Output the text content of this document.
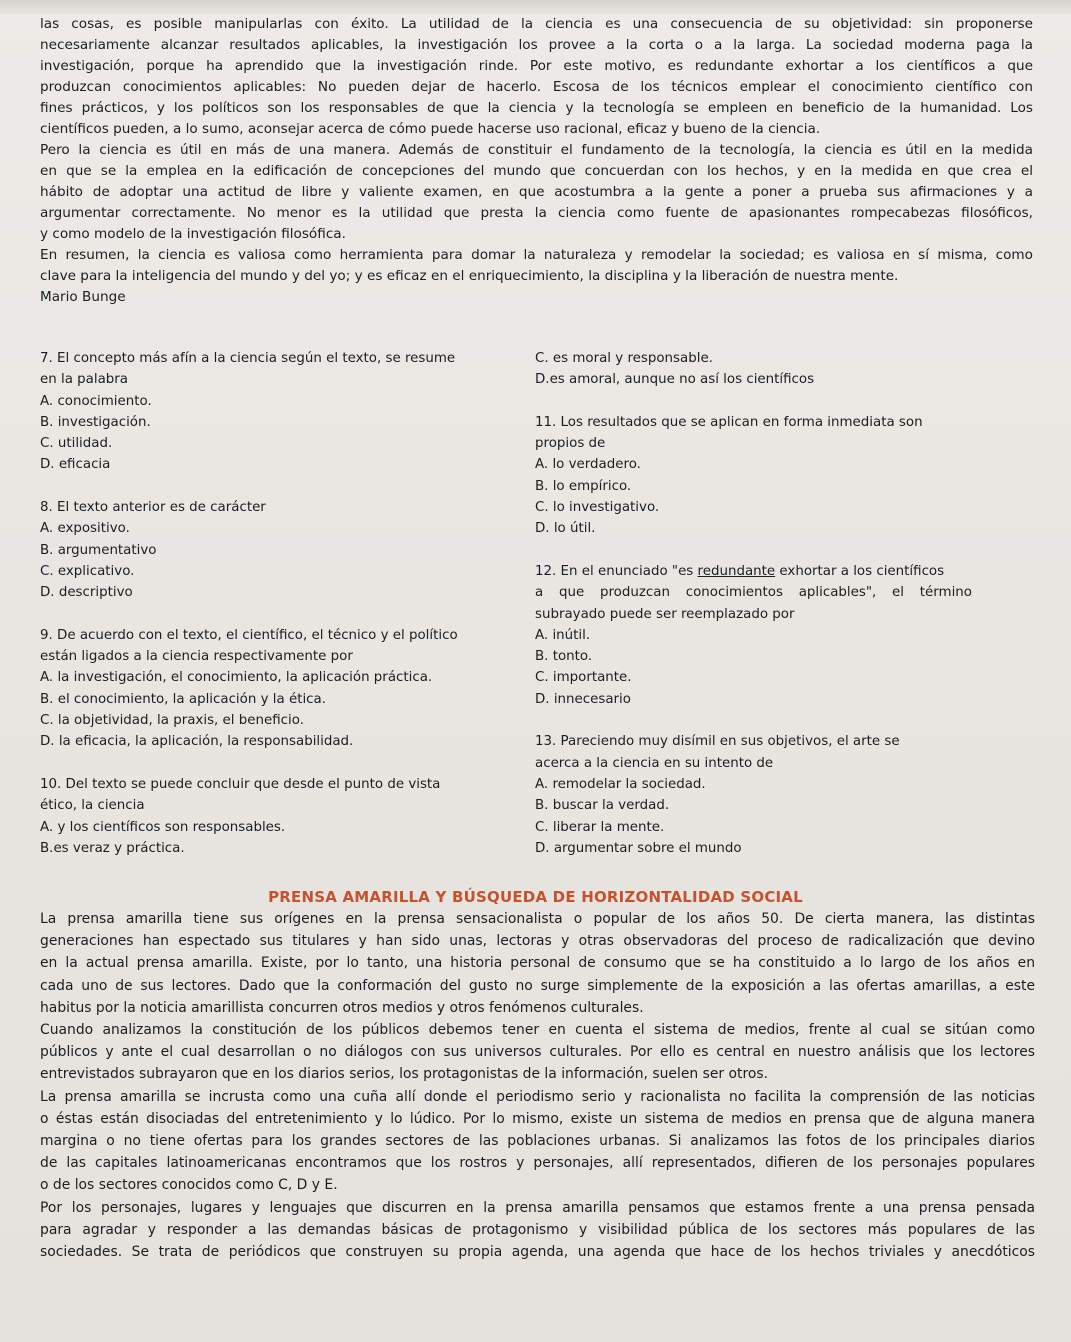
las cosas, es posible manipularlas con éxito. La utilidad de la ciencia es una consecuencia de su objetividad: sin proponerse
necesariamente alcanzar resultados aplicables, la investigación los provee a la corta o a la larga. La sociedad moderna paga la
investigación, porque ha aprendido que la investigación rinde. Por este motivo, es redundante exhortar a los científicos a que
produzcan conocimientos aplicables: No pueden dejar de hacerlo. Escosa de los técnicos emplear el conocimiento científico con
fines prácticos, y los políticos son los responsables de que la ciencia y la tecnología se empleen en beneficio de la humanidad. Los
científicos pueden, a lo sumo, aconsejar acerca de cómo puede hacerse uso racional, eficaz y bueno de la ciencia.
Pero la ciencia es útil en más de una manera. Además de constituir el fundamento de la tecnología, la ciencia es útil en la medida
en que se la emplea en la edificación de concepciones del mundo que concuerdan con los hechos, y en la medida en que crea el
hábito de adoptar una actitud de libre y valiente examen, en que acostumbra a la gente a poner a prueba sus afirmaciones y a
argumentar correctamente. No menor es la utilidad que presta la ciencia como fuente de apasionantes rompecabezas filosóficos,
y como modelo de la investigación filosófica.
En resumen, la ciencia es valiosa como herramienta para domar la naturaleza y remodelar la sociedad; es valiosa en sí misma, como
clave para la inteligencia del mundo y del yo; y es eficaz en el enriquecimiento, la disciplina y la liberación de nuestra mente.
Mario Bunge
7. El concepto más afín a la ciencia según el texto, se resume
en la palabra
A. conocimiento.
B. investigación.
C. utilidad.
D. eficacia
8. El texto anterior es de carácter
A. expositivo.
B. argumentativo
C. explicativo.
D. descriptivo
9. De acuerdo con el texto, el científico, el técnico y el político
están ligados a la ciencia respectivamente por
A. la investigación, el conocimiento, la aplicación práctica.
B. el conocimiento, la aplicación y la ética.
C. la objetividad, la praxis, el beneficio.
D. la eficacia, la aplicación, la responsabilidad.
10. Del texto se puede concluir que desde el punto de vista
ético, la ciencia
A. y los científicos son responsables.
B.es veraz y práctica.
C. es moral y responsable.
D.es amoral, aunque no así los científicos
11. Los resultados que se aplican en forma inmediata son
propios de
A. lo verdadero.
B. lo empírico.
C. lo investigativo.
D. lo útil.
12. En el enunciado "es redundante exhortar a los científicos
a que produzcan conocimientos aplicables", el término
subrayado puede ser reemplazado por
A. inútil.
B. tonto.
C. importante.
D. innecesario
13. Pareciendo muy disímil en sus objetivos, el arte se
acerca a la ciencia en su intento de
A. remodelar la sociedad.
B. buscar la verdad.
C. liberar la mente.
D. argumentar sobre el mundo
PRENSA AMARILLA Y BÚSQUEDA DE HORIZONTALIDAD SOCIAL
La prensa amarilla tiene sus orígenes en la prensa sensacionalista o popular de los años 50. De cierta manera, las distintas
generaciones han espectado sus titulares y han sido unas, lectoras y otras observadoras del proceso de radicalización que devino
en la actual prensa amarilla. Existe, por lo tanto, una historia personal de consumo que se ha constituido a lo largo de los años en
cada uno de sus lectores. Dado que la conformación del gusto no surge simplemente de la exposición a las ofertas amarillas, a este
habitus por la noticia amarillista concurren otros medios y otros fenómenos culturales.
Cuando analizamos la constitución de los públicos debemos tener en cuenta el sistema de medios, frente al cual se sitúan como
públicos y ante el cual desarrollan o no diálogos con sus universos culturales. Por ello es central en nuestro análisis que los lectores
entrevistados subrayaron que en los diarios serios, los protagonistas de la información, suelen ser otros.
La prensa amarilla se incrusta como una cuña allí donde el periodismo serio y racionalista no facilita la comprensión de las noticias
o éstas están disociadas del entretenimiento y lo lúdico. Por lo mismo, existe un sistema de medios en prensa que de alguna manera
margina o no tiene ofertas para los grandes sectores de las poblaciones urbanas. Si analizamos las fotos de los principales diarios
de las capitales latinoamericanas encontramos que los rostros y personajes, allí representados, difieren de los personajes populares
o de los sectores conocidos como C, D y E.
Por los personajes, lugares y lenguajes que discurren en la prensa amarilla pensamos que estamos frente a una prensa pensada
para agradar y responder a las demandas básicas de protagonismo y visibilidad pública de los sectores más populares de las
sociedades. Se trata de periódicos que construyen su propia agenda, una agenda que hace de los hechos triviales y anecdóticos
